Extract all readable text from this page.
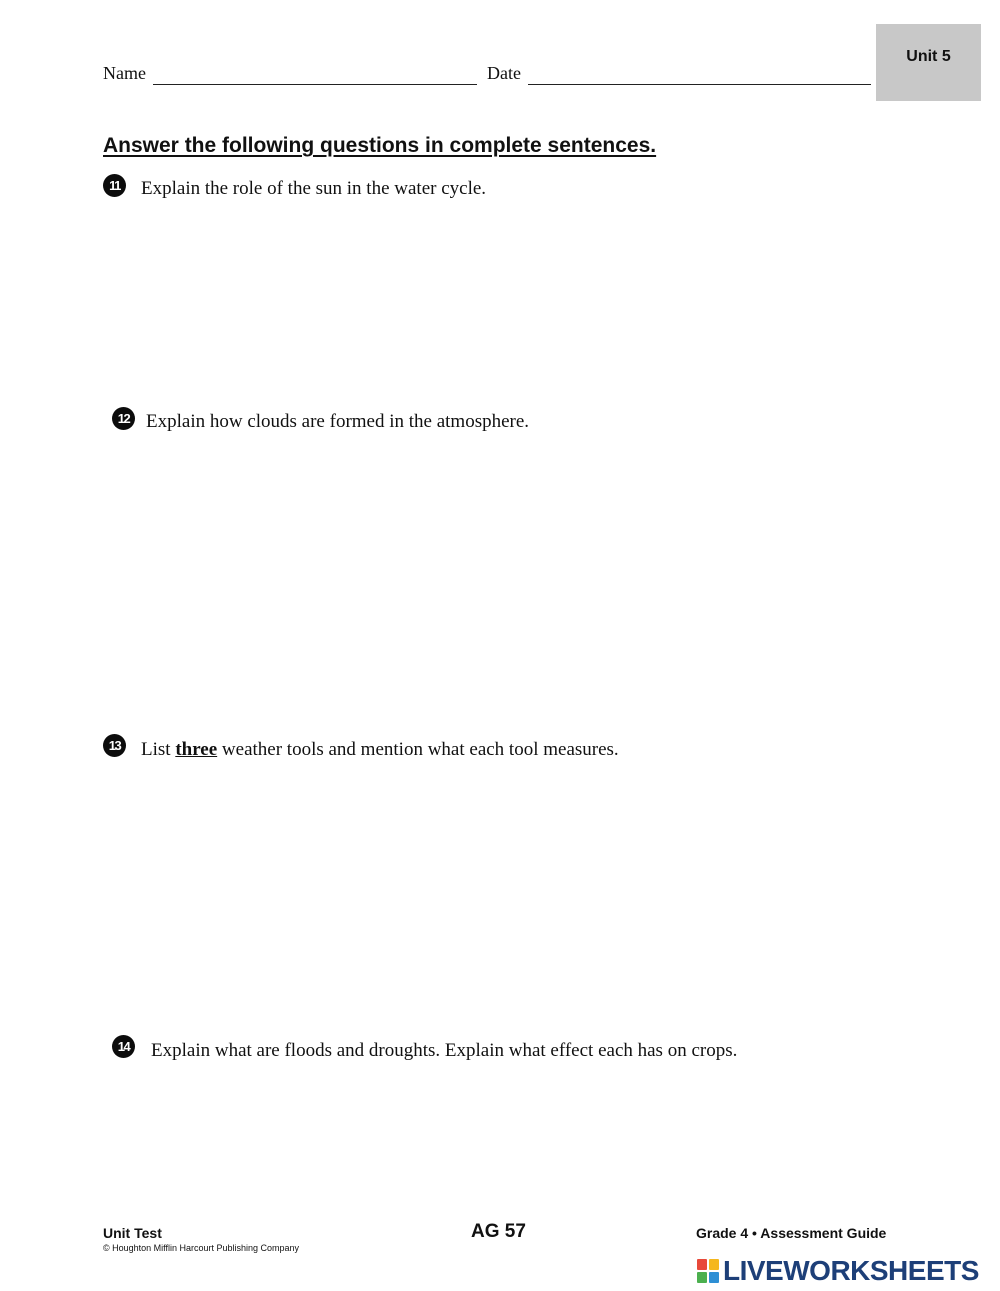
Unit 5
Name	Date
Answer the following questions in complete sentences.
11	Explain the role of the sun in the water cycle.
12 Explain how clouds are formed in the atmosphere.
13	List three weather tools and mention what each tool measures.
14	Explain what are floods and droughts. Explain what effect each has on crops.
Unit Test	AG 57	Grade 4 • Assessment Guide
© Houghton Mifflin Harcourt Publishing Company
LIVEWORKSHEETS
